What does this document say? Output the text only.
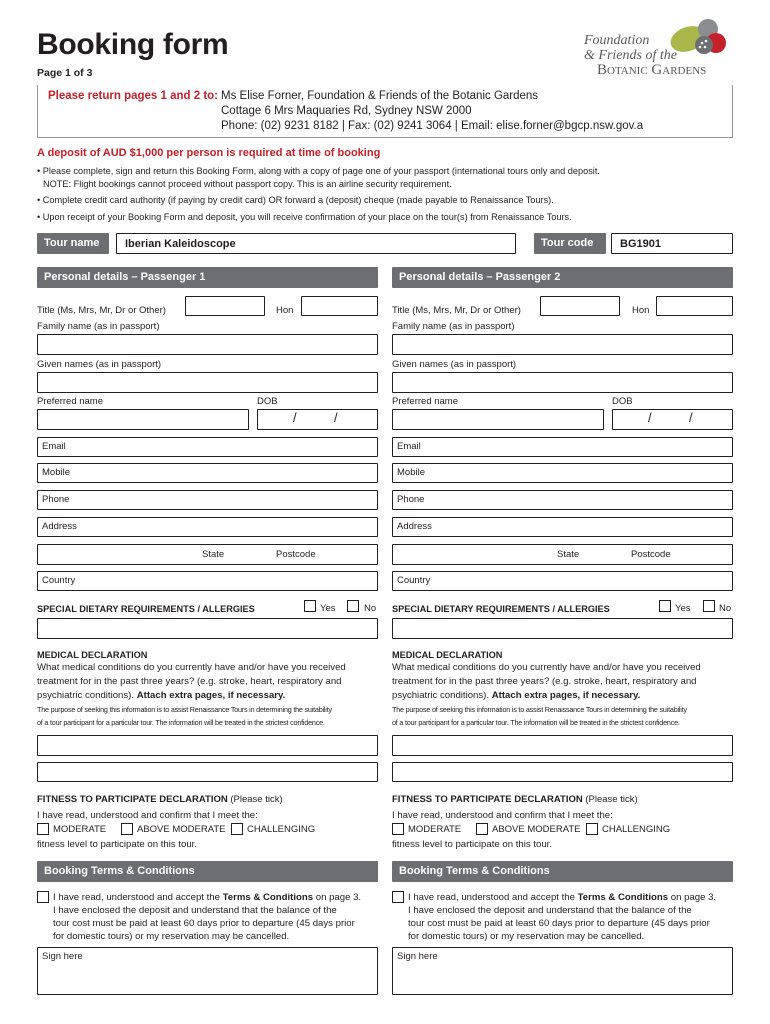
Booking form
Page 1 of 3
Foundation
& Friends of the
Botanic Gardens
Please return pages 1 and 2 to: Ms Elise Forner, Foundation & Friends of the Botanic Gardens
Cottage 6 Mrs Maquaries Rd, Sydney NSW 2000
Phone: (02) 9231 8182 | Fax: (02) 9241 3064 | Email: elise.forner@bgcp.nsw.gov.a
A deposit of AUD $1,000 per person is required at time of booking
• Please complete, sign and return this Booking Form, along with a copy of page one of your passport (international tours only and deposit.
NOTE: Flight bookings cannot proceed without passport copy. This is an airline security requirement.
• Complete credit card authority (if paying by credit card) OR forward a (deposit) cheque (made payable to Renaissance Tours).
• Upon receipt of your Booking Form and deposit, you will receive confirmation of your place on the tour(s) from Renaissance Tours.
Tour name	Iberian Kaleidoscope	Tour code	BG1901
Personal details – Passenger 1	Personal details – Passenger 2
Title (Ms, Mrs, Mr, Dr or Other)	Hon
Family name (as in passport)
Given names (as in passport)
Preferred name	DOB
/	/
Email
Mobile
Phone
Address
State	Postcode
Country
SPECIAL DIETARY REQUIREMENTS / ALLERGIES	Yes	No
MEDICAL DECLARATION
What medical conditions do you currently have and/or have you received
treatment for in the past three years? (e.g. stroke, heart, respiratory and
psychiatric conditions). Attach extra pages, if necessary.
The purpose of seeking this information is to assist Renaissance Tours in determining the suitability
of a tour participant for a particular tour. The information will be treated in the strictest confidence.
FITNESS TO PARTICIPATE DECLARATION (Please tick)
I have read, understood and confirm that I meet the:
MODERATE	ABOVE MODERATE CHALLENGING
fitness level to participate on this tour.
Booking Terms & Conditions
I have read, understood and accept the Terms & Conditions on page 3.
I have enclosed the deposit and understand that the balance of the
tour cost must be paid at least 60 days prior to departure (45 days prior
for domestic tours) or my reservation may be cancelled.
Sign here
Title (Ms, Mrs, Mr, Dr or Other)	Hon
Family name (as in passport)
Given names (as in passport)
Preferred name	DOB
/	/
Email
Mobile
Phone
Address
State	Postcode
Country
SPECIAL DIETARY REQUIREMENTS / ALLERGIES	Yes	No
MEDICAL DECLARATION
What medical conditions do you currently have and/or have you received
treatment for in the past three years? (e.g. stroke, heart, respiratory and
psychiatric conditions). Attach extra pages, if necessary.
The purpose of seeking this information is to assist Renaissance Tours in determining the suitability
of a tour participant for a particular tour. The information will be treated in the strictest confidence.
FITNESS TO PARTICIPATE DECLARATION (Please tick)
I have read, understood and confirm that I meet the:
MODERATE	ABOVE MODERATE CHALLENGING
fitness level to participate on this tour.
Booking Terms & Conditions
I have read, understood and accept the Terms & Conditions on page 3.
I have enclosed the deposit and understand that the balance of the
tour cost must be paid at least 60 days prior to departure (45 days prior
for domestic tours) or my reservation may be cancelled.
Sign here
